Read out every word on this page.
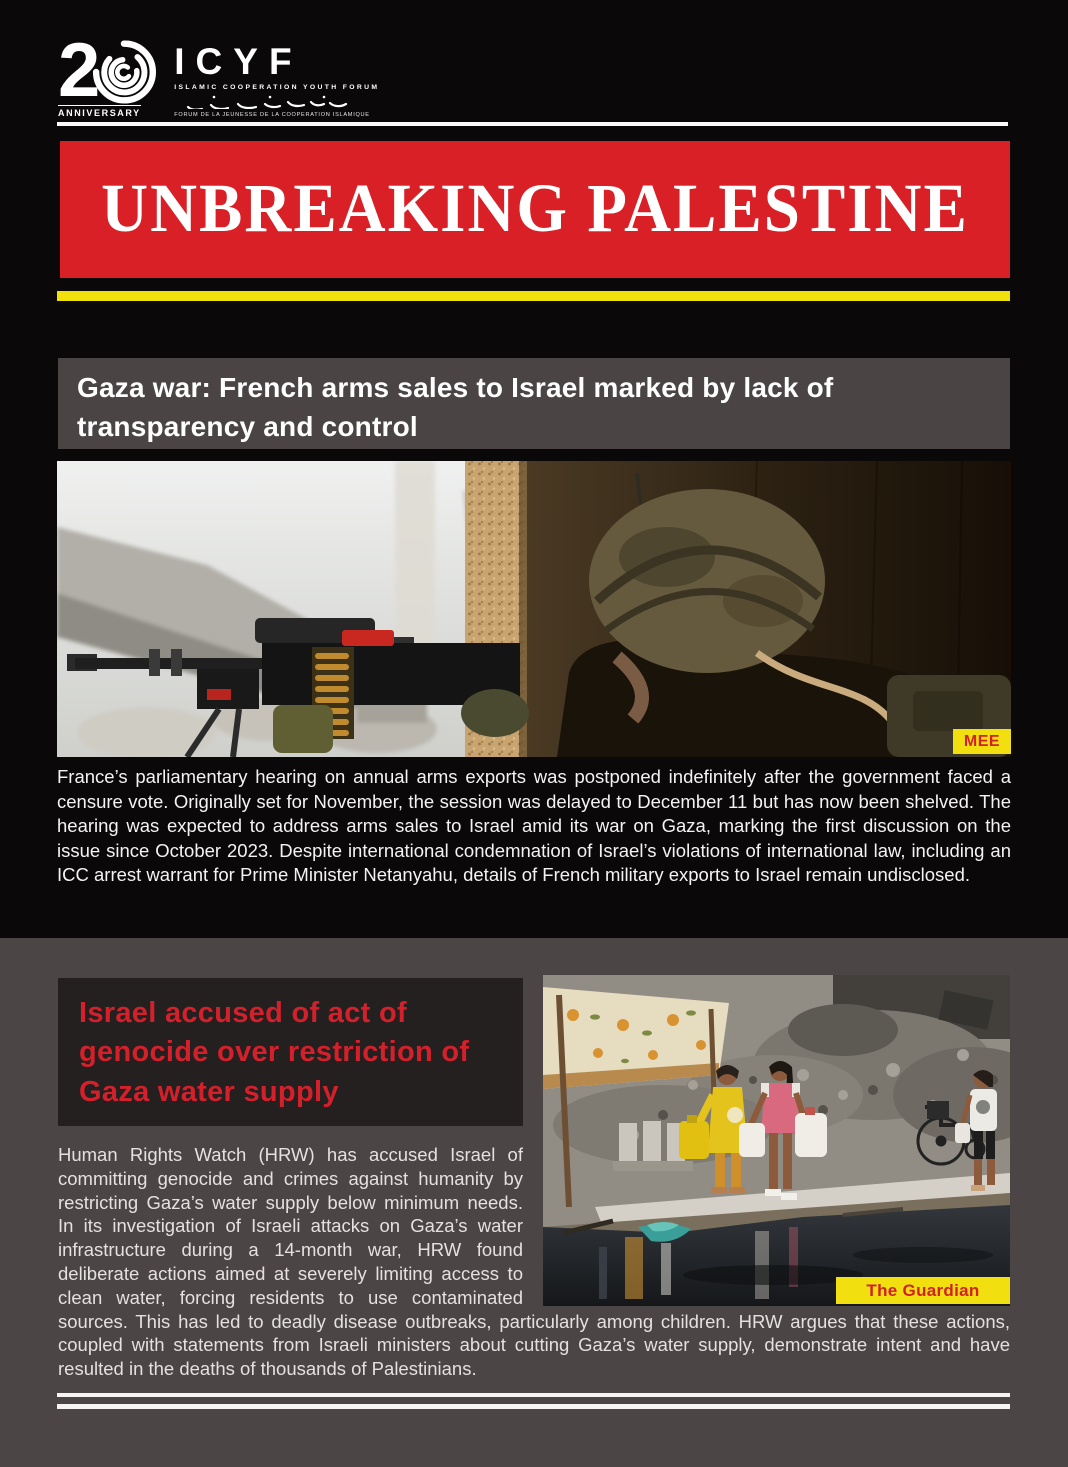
2
ANNIVERSARY
ICYF
ISLAMIC COOPERATION YOUTH FORUM
FORUM DE LA JEUNESSE DE LA COOPERATION ISLAMIQUE
UNBREAKING PALESTINE
Gaza war: French arms sales to Israel marked by lack of transparency and control
MEE

France’s parliamentary hearing on annual arms exports was postponed indefinitely after the government faced a censure vote. Originally set for November, the session was delayed to December 11 but has now been shelved. The hearing was expected to address arms sales to Israel amid its war on Gaza, marking the first discussion on the issue since October 2023. Despite international condemnation of Israel’s violations of international law, including an ICC arrest warrant for Prime Minister Netanyahu, details of French military exports to Israel remain undisclosed.

The Guardian
Israel accused of act of genocide over restriction of Gaza water supply

Human Rights Watch (HRW) has accused Israel of committing genocide and crimes against humanity by restricting Gaza’s water supply below minimum needs. In its investigation of Israeli attacks on Gaza’s water infrastructure during a 14-month war, HRW found deliberate actions aimed at severely limiting access to clean water, forcing residents to use contaminated sources. This has led to deadly disease outbreaks, particularly among children. HRW argues that these actions, coupled with statements from Israeli ministers about cutting Gaza’s water supply, demonstrate intent and have resulted in the deaths of thousands of Palestinians.
